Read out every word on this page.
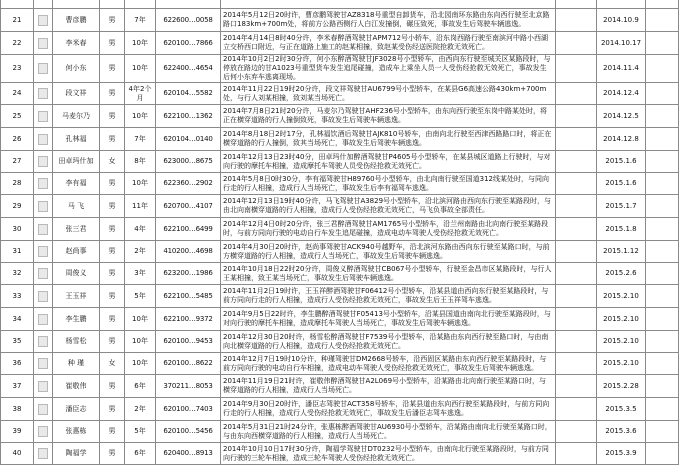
21		曹彦鹏	男	7年	622600…0058	2014年5月12日20时许，曹彦鹏驾驶甘AZ8318号重型自卸货车，沿北园南环东路由东向西行驶至北京路路口183km+700m处，将前方公路西侧行人白江发撞倒，碾压致死，事故发生后驾驶车辆逃逸。		2014.10.9	
22		李米春	男	10年	620100…7866	2014年4月14日8时40分许，李米春醉酒驾驶甘APM712号小轿车，沿东岗西路行驶至南滨河中路小西湖立交桥西口附近，与正在道路上施工的赵某相撞，致赵某受伤经送医院抢救无效死亡。		2014.10.17	
23		何小东	男	10年	622400…4654	2014年10月2日2时30分许，何小东醉酒驾驶甘JF3028号小型轿车，由西向东行驶至城关区某路段时，与停放在路边的甘A1023号重型货车发生追尾碰撞，造成车上乘坐人员一人受伤经抢救无效死亡，事故发生后何小东弃车逃离现场。		2014.11.4	
24		段文祥	男	4年2个月	620104…5582	2014年11月22日19时20分许，段文祥驾驶甘AU6799号小型轿车，在某县G6高速公路430km+700m处，与行人刘某相撞，致刘某当场死亡。		2014.12.4	
25		马麦尔乃	男	10年	622100…1362	2014年7月8日21时20分许，马麦尔乃驾驶甘AHF236号小型轿车，由东向西行驶至东岗中路某处时，将正在横穿道路的行人撞倒致死，事故发生后驾驶车辆逃逸。		2014.12.5	
26		孔林福	男	7年	620104…0140	2014年8月18日2时17分，孔林福饮酒后驾驶甘AJK810号轿车，由南向北行驶至西津西路路口时，将正在横穿道路的行人撞倒，致其当场死亡，事故发生后驾驶车辆逃逸。		2014.12.8	
27		田卓玛什加	女	8年	623000…8675	2014年12月13日23时40分，田卓玛什加醉酒驾驶甘P4605号小型轿车，在某县城区道路上行驶时，与对向行驶的摩托车相撞，造成摩托车驾驶人员受伤经抢救无效死亡。		2015.1.6	
28		李有福	男	10年	622360…2902	2014年5月8日0时30分，李有福驾驶甘H89760号小型轿车，由北向南行驶至国道312线某处时，与同向行走的行人相撞，造成行人当场死亡，事故发生后李有福驾车逃逸。		2015.1.6	
29		马 飞	男	11年	620700…4107	2014年12月13日19时40分许，马飞驾驶甘A3829号小型轿车，沿北滨河路由西向东行驶至某路段时，与由北向南横穿道路的行人相撞，造成行人受伤经抢救无效死亡，马飞负事故全部责任。		2015.1.7	
30		张三君	男	4年	622100…6499	2014年12月4日0时20分许，张三君醉酒驾驶甘AM1765号小型轿车，沿兰州南路由北向南行驶至某路段时，与前方同向行驶的电动自行车发生追尾碰撞，造成电动车驾驶人受伤经抢救无效死亡。		2015.1.8	
31		赵尚事	男	2年	410200…4698	2014年4月30日20时许，赵尚事驾驶甘ACK940号越野车，沿北滨河东路由西向东行驶至某路口时，与前方横穿道路的行人相撞，造成行人当场死亡，事故发生后驾驶车辆逃逸。		2015.1.12	
32		周俊义	男	3年	623200…1986	2014年10月18日22时20分许，周俊义醉酒驾驶甘CB067号小型轿车，行驶至金昌市区某路段时，与行人王某相撞，致王某当场死亡，事故发生后驾驶车辆逃逸。		2015.2.6	
33		王玉祥	男	5年	622100…5485	2014年11月2日19时许，王玉祥醉酒驾驶甘F06412号小型轿车，沿某县道由西向东行驶至某路段时，与前方同向行走的行人相撞，造成行人受伤经抢救无效死亡，事故发生后王玉祥驾车逃逸。		2015.2.10	
34		李生鹏	男	10年	622100…9372	2014年9月5日22时许，李生鹏醉酒驾驶甘F05413号小型轿车，沿某县国道由南向北行驶至某路段时，与对向行驶的摩托车相撞，造成摩托车驾驶人当场死亡，事故发生后驾驶车辆逃逸。		2015.2.10	
35		杨雪松	男	10年	620100…9453	2014年12月30日20时许，杨雪松醉酒驾驶甘F7539号小型轿车，沿某路由东向西行驶至路口时，与由南向北横穿道路的行人相撞，造成行人受伤经抢救无效死亡。		2015.2.10	
36		种 瑾	女	10年	620100…8622	2014年12月7日19时10分许，种瑾驾驶甘DM2668号轿车，沿西固区某路由东向西行驶至某路段时，与前方同向行驶的电动自行车相撞，造成电动车驾驶人受伤经抢救无效死亡，事故发生后驾驶车辆逃逸。		2015.2.10	
37		崔敬伟	男	6年	370211…8053	2014年11月19日21时许，崔敬伟醉酒驾驶甘A2L069号小型轿车，沿某路由北向南行驶至某路口时，与横穿道路的行人相撞，造成行人当场死亡。		2015.2.28	
38		潘臣志	男	2年	620100…7403	2014年9月30日20时许，潘臣志驾驶甘ACT358号轿车，沿某县道由东向西行驶至某路段时，与前方同向行走的行人相撞，造成行人受伤经抢救无效死亡，事故发生后潘臣志驾车逃逸。		2015.3.5	
39		张惠栋	男	5年	620100…5456	2014年5月31日21时24分许，张惠栋醉酒驾驶甘AU6930号小型轿车，沿某路由南向北行驶至某路口时，与由东向西横穿道路的行人相撞，造成行人当场死亡。		2015.3.6	
40		陶福学	男	6年	620400…8913	2014年10月10日17时30分许，陶福学驾驶甘DT0232号小型轿车，由南向北行驶至某路段时，与前方同向行驶的三轮车相撞，造成三轮车驾驶人受伤经抢救无效死亡。		2015.3.9	
